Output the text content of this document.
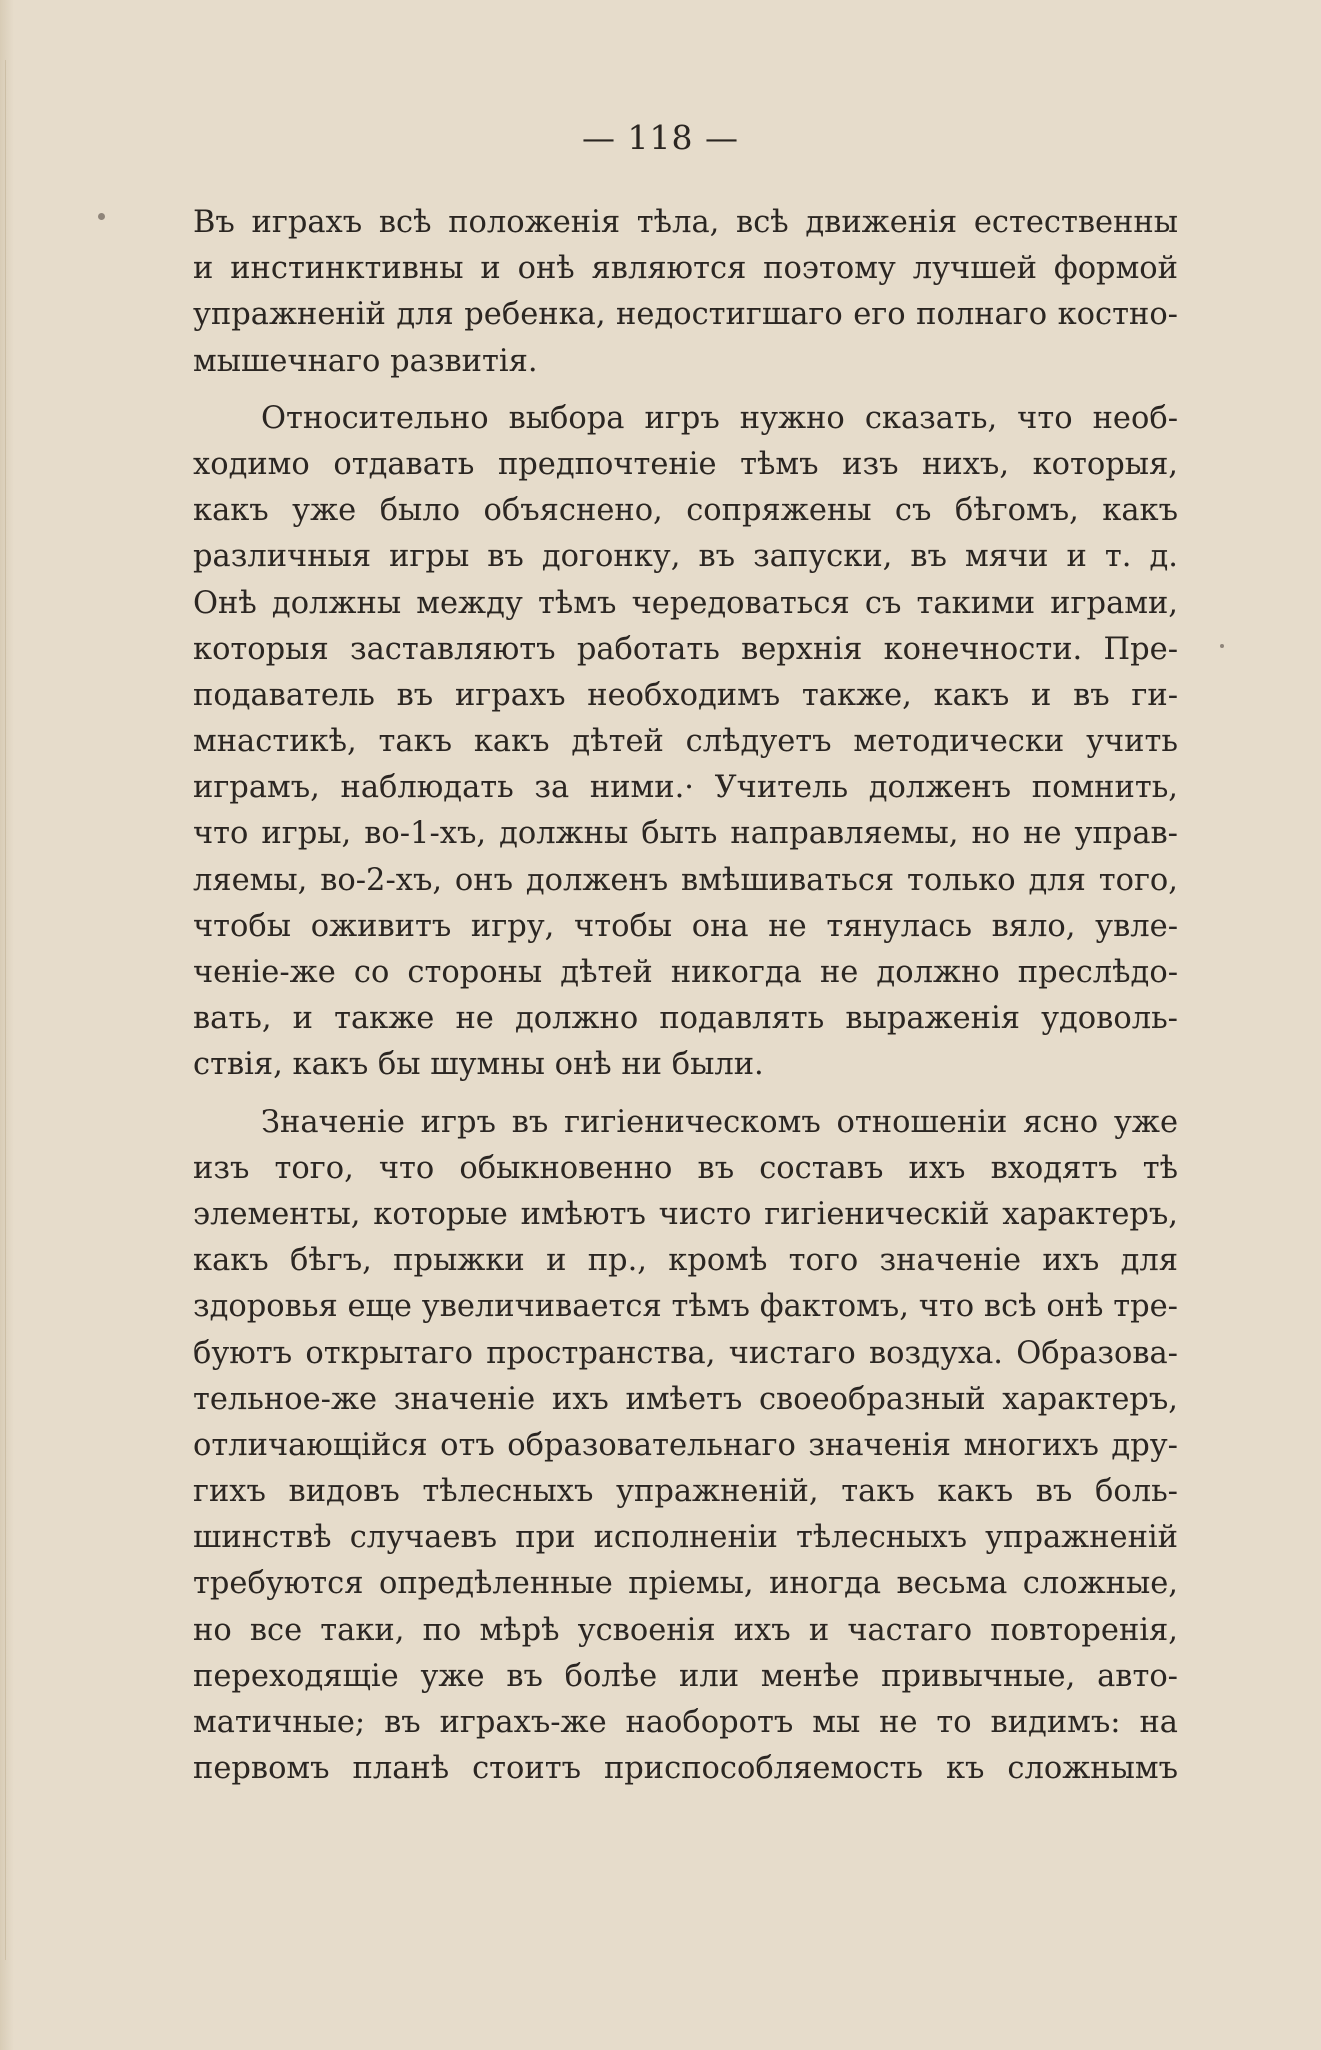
— 118 —
Въ играхъ всѣ положенія тѣла, всѣ движенія естественны
и инстинктивны и онѣ являются поэтому лучшей формой
упражненій для ребенка, недостигшаго его полнаго костно-
мышечнаго развитія.
Относительно выбора игръ нужно сказать, что необ-
ходимо отдавать предпочтеніе тѣмъ изъ нихъ, которыя,
какъ уже было объяснено, сопряжены съ бѣгомъ, какъ
различныя игры въ догонку, въ запуски, въ мячи и т. д.
Онѣ должны между тѣмъ чередоваться съ такими играми,
которыя заставляютъ работать верхнія конечности. Пре-
подаватель въ играхъ необходимъ также, какъ и въ ги-
мнастикѣ, такъ какъ дѣтей слѣдуетъ методически учить
играмъ, наблюдать за ними.· Учитель долженъ помнить,
что игры, во-1-хъ, должны быть направляемы, но не управ-
ляемы, во-2-хъ, онъ долженъ вмѣшиваться только для того,
чтобы оживитъ игру, чтобы она не тянулась вяло, увле-
ченіе-же со стороны дѣтей никогда не должно преслѣдо-
вать, и также не должно подавлять выраженія удоволь-
ствія, какъ бы шумны онѣ ни были.
Значеніе игръ въ гигіеническомъ отношеніи ясно уже
изъ того, что обыкновенно въ составъ ихъ входятъ тѣ
элементы, которые имѣютъ чисто гигіеническій характеръ,
какъ бѣгъ, прыжки и пр., кромѣ того значеніе ихъ для
здоровья еще увеличивается тѣмъ фактомъ, что всѣ онѣ тре-
буютъ открытаго пространства, чистаго воздуха. Образова-
тельное-же значеніе ихъ имѣетъ своеобразный характеръ,
отличающійся отъ образовательнаго значенія многихъ дру-
гихъ видовъ тѣлесныхъ упражненій, такъ какъ въ боль-
шинствѣ случаевъ при исполненіи тѣлесныхъ упражненій
требуются опредѣленные пріемы, иногда весьма сложные,
но все таки, по мѣрѣ усвоенія ихъ и частаго повторенія,
переходящіе уже въ болѣе или менѣе привычные, авто-
матичные; въ играхъ-же наоборотъ мы не то видимъ: на
первомъ планѣ стоитъ приспособляемость къ сложнымъ
